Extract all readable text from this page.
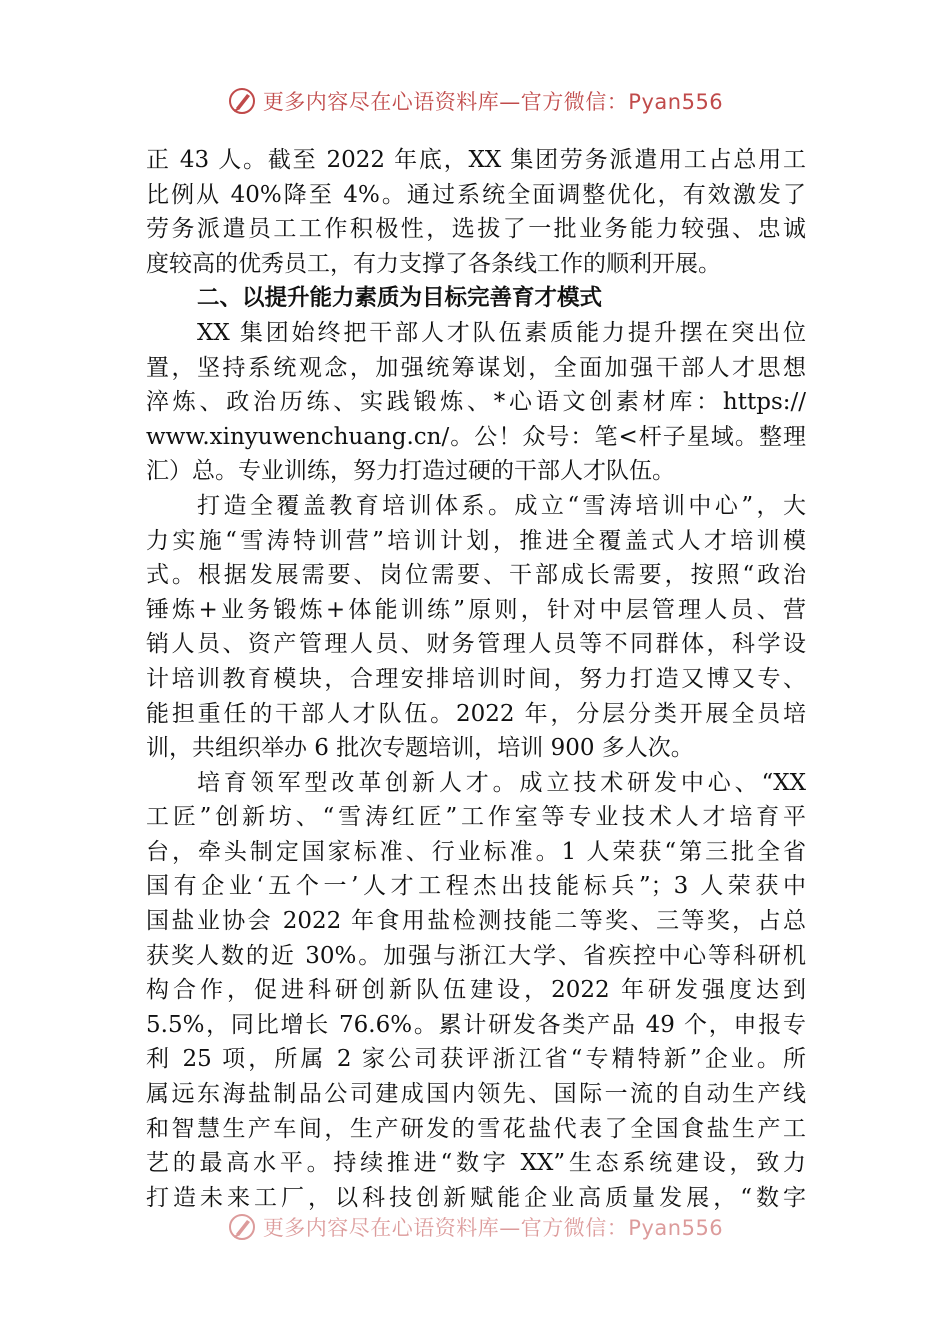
更多内容尽在心语资料库—官方微信：Pyan556
正 43 人。截至 2022 年底，XX 集团劳务派遣用工占总用工
比例从 40%降至 4%。通过系统全面调整优化，有效激发了
劳务派遣员工工作积极性，选拔了一批业务能力较强、忠诚
度较高的优秀员工，有力支撑了各条线工作的顺利开展。
二、以提升能力素质为目标完善育才模式
XX 集团始终把干部人才队伍素质能力提升摆在突出位
置，坚持系统观念，加强统筹谋划，全面加强干部人才思想
淬炼、政治历练、实践锻炼、*心语文创素材库：https://
www.xinyuwenchuang.cn/。公！众号：笔<杆子星域。整理
汇）总。专业训练，努力打造过硬的干部人才队伍。
打造全覆盖教育培训体系。成立“雪涛培训中心”，大
力实施“雪涛特训营”培训计划，推进全覆盖式人才培训模
式。根据发展需要、岗位需要、干部成长需要，按照“政治
锤炼+业务锻炼+体能训练”原则，针对中层管理人员、营
销人员、资产管理人员、财务管理人员等不同群体，科学设
计培训教育模块，合理安排培训时间，努力打造又博又专、
能担重任的干部人才队伍。2022 年，分层分类开展全员培
训，共组织举办 6 批次专题培训，培训 900 多人次。
培育领军型改革创新人才。成立技术研发中心、“XX
工匠”创新坊、“雪涛红匠”工作室等专业技术人才培育平
台，牵头制定国家标准、行业标准。1 人荣获“第三批全省
国有企业‘五个一’人才工程杰出技能标兵”；3 人荣获中
国盐业协会 2022 年食用盐检测技能二等奖、三等奖，占总
获奖人数的近 30%。加强与浙江大学、省疾控中心等科研机
构合作，促进科研创新队伍建设，2022 年研发强度达到
5.5%，同比增长 76.6%。累计研发各类产品 49 个，申报专
利 25 项，所属 2 家公司获评浙江省“专精特新”企业。所
属远东海盐制品公司建成国内领先、国际一流的自动生产线
和智慧生产车间，生产研发的雪花盐代表了全国食盐生产工
艺的最高水平。持续推进“数字 XX”生态系统建设，致力
打造未来工厂，以科技创新赋能企业高质量发展，“数字
更多内容尽在心语资料库—官方微信：Pyan556
